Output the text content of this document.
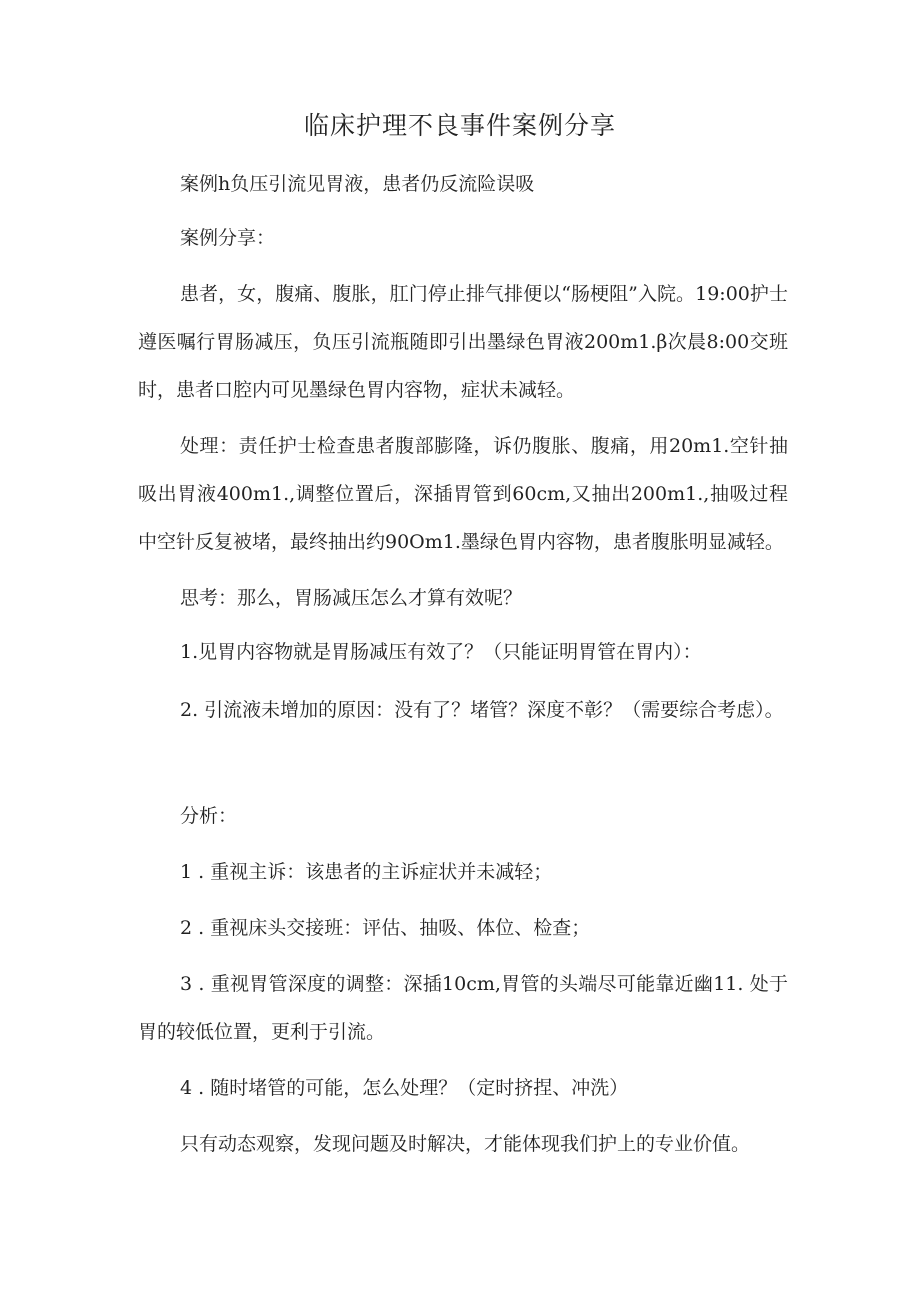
临床护理不良事件案例分享
案例h负压引流见胃液，患者仍反流险误吸
案例分享：
患者，女，腹痛、腹胀，肛门停止排气排便以“肠梗阻”入院。19:00护士遵医嘱行胃肠减压，负压引流瓶随即引出墨绿色胃液200m1.β次晨8:00交班时，患者口腔内可见墨绿色胃内容物，症状未减轻。
处理：责任护士检查患者腹部膨隆，诉仍腹胀、腹痛，用20m1.空针抽吸出胃液400m1.,调整位置后，深插胃管到60cm,又抽出200m1.,抽吸过程中空针反复被堵，最终抽出约90Om1.墨绿色胃内容物，患者腹胀明显减轻。
思考：那么，胃肠减压怎么才算有效呢？
1.见胃内容物就是胃肠减压有效了？（只能证明胃管在胃内）：
2. 引流液未增加的原因：没有了？堵管？深度不彰？（需要综合考虑）。
分析：
1 . 重视主诉：该患者的主诉症状并未减轻；
2 . 重视床头交接班：评估、抽吸、体位、检查；
3 . 重视胃管深度的调整：深插10cm,胃管的头端尽可能靠近幽11. 处于胃的较低位置，更利于引流。
4 . 随时堵管的可能，怎么处理？（定时挤捏、冲洗）
只有动态观察，发现问题及时解决，才能体现我们护上的专业价值。
